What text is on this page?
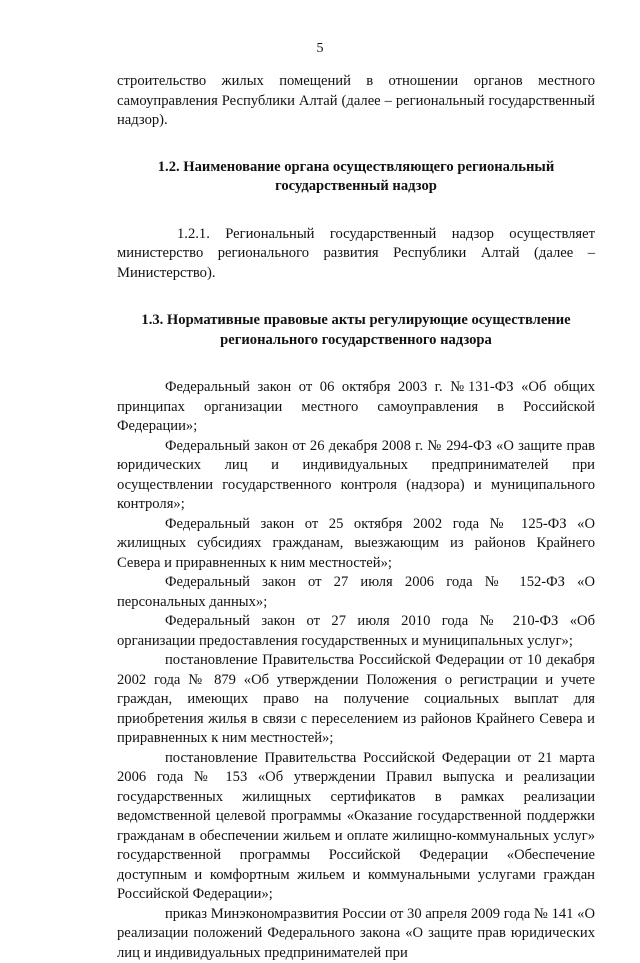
5

строительство жилых помещений в отношении органов местного самоуправления Республики Алтай (далее – региональный государственный надзор).

1.2. Наименование органа осуществляющего региональный государственный надзор

1.2.1. Региональный государственный надзор осуществляет министерство регионального развития Республики Алтай (далее – Министерство).

1.3. Нормативные правовые акты регулирующие осуществление регионального государственного надзора

Федеральный закон от 06 октября 2003 г. №131-ФЗ «Об общих принципах организации местного самоуправления в Российской Федерации»;

Федеральный закон от 26 декабря 2008 г. № 294-ФЗ «О защите прав юридических лиц и индивидуальных предпринимателей при осуществлении государственного контроля (надзора) и муниципального контроля»;

Федеральный закон от 25 октября 2002 года № 125-ФЗ «О жилищных субсидиях гражданам, выезжающим из районов Крайнего Севера и приравненных к ним местностей»;

Федеральный закон от 27 июля 2006 года № 152-ФЗ «О персональных данных»;

Федеральный закон от 27 июля 2010 года № 210-ФЗ «Об организации предоставления государственных и муниципальных услуг»;

постановление Правительства Российской Федерации от 10 декабря 2002 года № 879 «Об утверждении Положения о регистрации и учете граждан, имеющих право на получение социальных выплат для приобретения жилья в связи с переселением из районов Крайнего Севера и приравненных к ним местностей»;

постановление Правительства Российской Федерации от 21 марта 2006 года № 153 «Об утверждении Правил выпуска и реализации государственных жилищных сертификатов в рамках реализации ведомственной целевой программы «Оказание государственной поддержки гражданам в обеспечении жильем и оплате жилищно-коммунальных услуг» государственной программы Российской Федерации «Обеспечение доступным и комфортным жильем и коммунальными услугами граждан Российской Федерации»;

приказ Минэкономразвития России от 30 апреля 2009 года № 141 «О реализации положений Федерального закона «О защите прав юридических лиц и индивидуальных предпринимателей при
